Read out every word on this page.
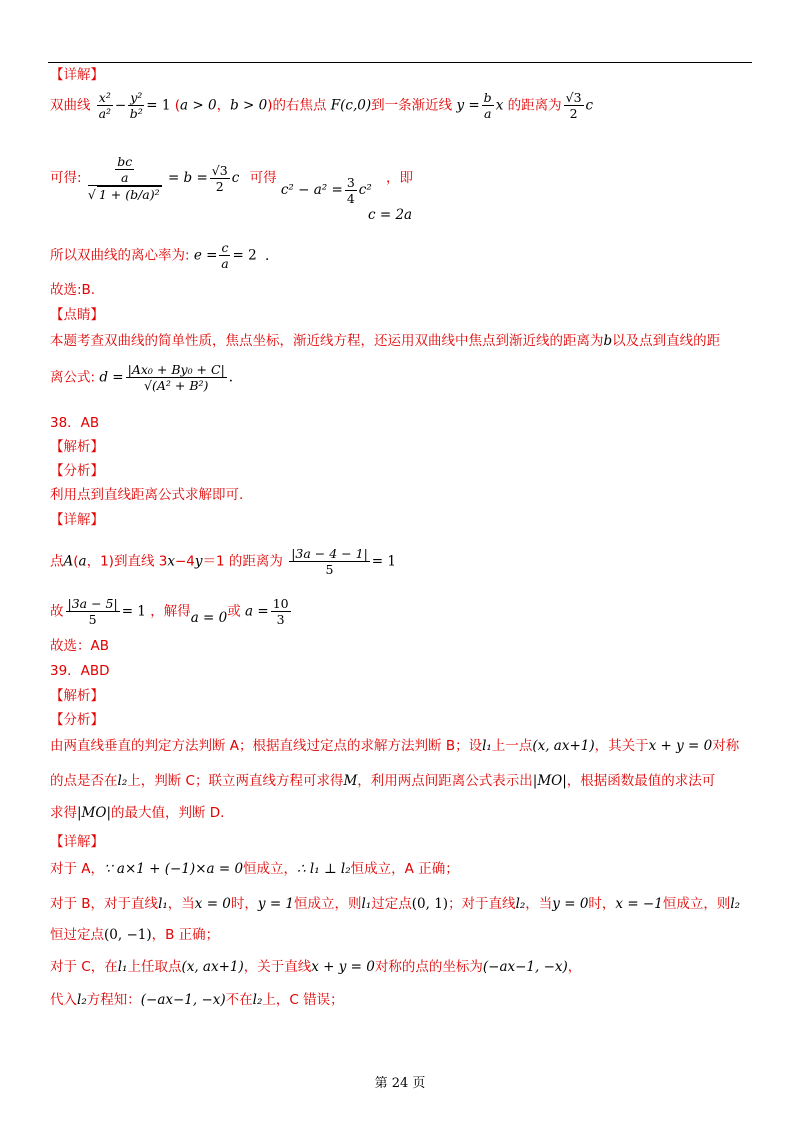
【详解】
双曲线 $\frac{\text{x²}}{\text{a²}} - \frac{\text{y²}}{\text{b²}} = 1$ (a > 0，b > 0)的右焦点 F(c,0)到一条渐近线 $y = \frac{b}{a}$ x 的距离为 $\frac{√3}{2}$ c
可得: $\frac{\frac{bc}{a}}{\text{√ 1 + (b/a)²}} = b = \frac{√3}{2}$ c 可得 $c^2 - a^2 = \frac{3}{4} c^2$ ，即
c = 2a
所以双曲线的离心率为: $e = \frac{c}{a} = 2$ .
故选:B.
【点睛】
本题考查双曲线的简单性质，焦点坐标，渐近线方程，还运用双曲线中焦点到渐近线的距离为b以及点到直线的距
离公式: $d = \frac{\text{|Ax₀ + By₀ + C|}}{\text{√(A² + B²)}}$ .
38．AB
【解析】
【分析】
利用点到直线距离公式求解即可.
【详解】
点A(a，1)到直线 3x−4y＝1 的距离为 $\frac{|3a - 4 - 1|}{5} = 1$
故 $\frac{|3a - 5|}{5} = 1$ ，解得a = 0或 $a = \frac{10}{3}$
故选：AB
39．ABD
【解析】
【分析】
由两直线垂直的判定方法判断 A；根据直线过定点的求解方法判断 B；设l₁上一点(x, ax+1)，其关于x + y = 0对称
的点是否在l₂上，判断 C；联立两直线方程可求得M，利用两点间距离公式表示出|MO|，根据函数最值的求法可
求得|MO|的最大值，判断 D.
【详解】
对于 A，∵ a×1 + (−1)×a = 0恒成立，∴ l₁ ⊥ l₂恒成立，A 正确；
对于 B，对于直线l₁，当x = 0时，y = 1恒成立，则l₁过定点(0, 1)；对于直线l₂，当y = 0时，x = −1恒成立，则l₂
恒过定点(0, −1)，B 正确；
对于 C，在l₁上任取点(x, ax+1)，关于直线x + y = 0对称的点的坐标为(−ax−1, −x)，
代入l₂方程知：(−ax−1, −x)不在l₂上，C 错误；
第 24 页
